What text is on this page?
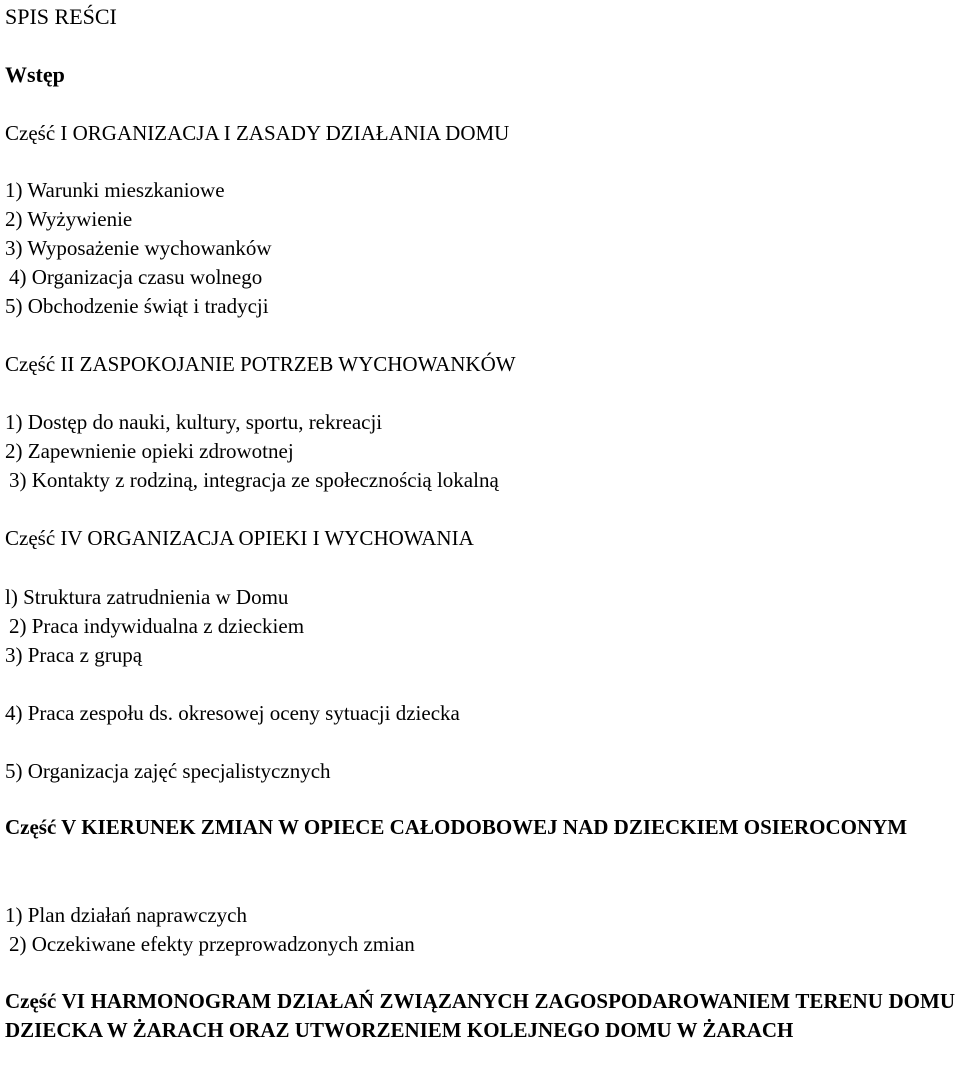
SPIS REŚCI
Wstęp
Część I ORGANIZACJA I ZASADY DZIAŁANIA DOMU
1) Warunki mieszkaniowe
2) Wyżywienie
3) Wyposażenie wychowanków
4) Organizacja czasu wolnego
5) Obchodzenie świąt i tradycji
Część II ZASPOKOJANIE POTRZEB WYCHOWANKÓW
1) Dostęp do nauki, kultury, sportu, rekreacji
2) Zapewnienie opieki zdrowotnej
3) Kontakty z rodziną, integracja ze społecznością lokalną
Część IV ORGANIZACJA OPIEKI I WYCHOWANIA
l) Struktura zatrudnienia w Domu
2) Praca indywidualna z dzieckiem
3) Praca z grupą
4) Praca zespołu ds. okresowej oceny sytuacji dziecka
5) Organizacja zajęć specjalistycznych
Część V KIERUNEK ZMIAN W OPIECE CAŁODOBOWEJ NAD DZIECKIEM OSIEROCONYM
1) Plan działań naprawczych
2) Oczekiwane efekty przeprowadzonych zmian
Część VI HARMONOGRAM DZIAŁAŃ ZWIĄZANYCH ZAGOSPODAROWANIEM TERENU DOMU DZIECKA W ŻARACH ORAZ UTWORZENIEM KOLEJNEGO DOMU W ŻARACH
